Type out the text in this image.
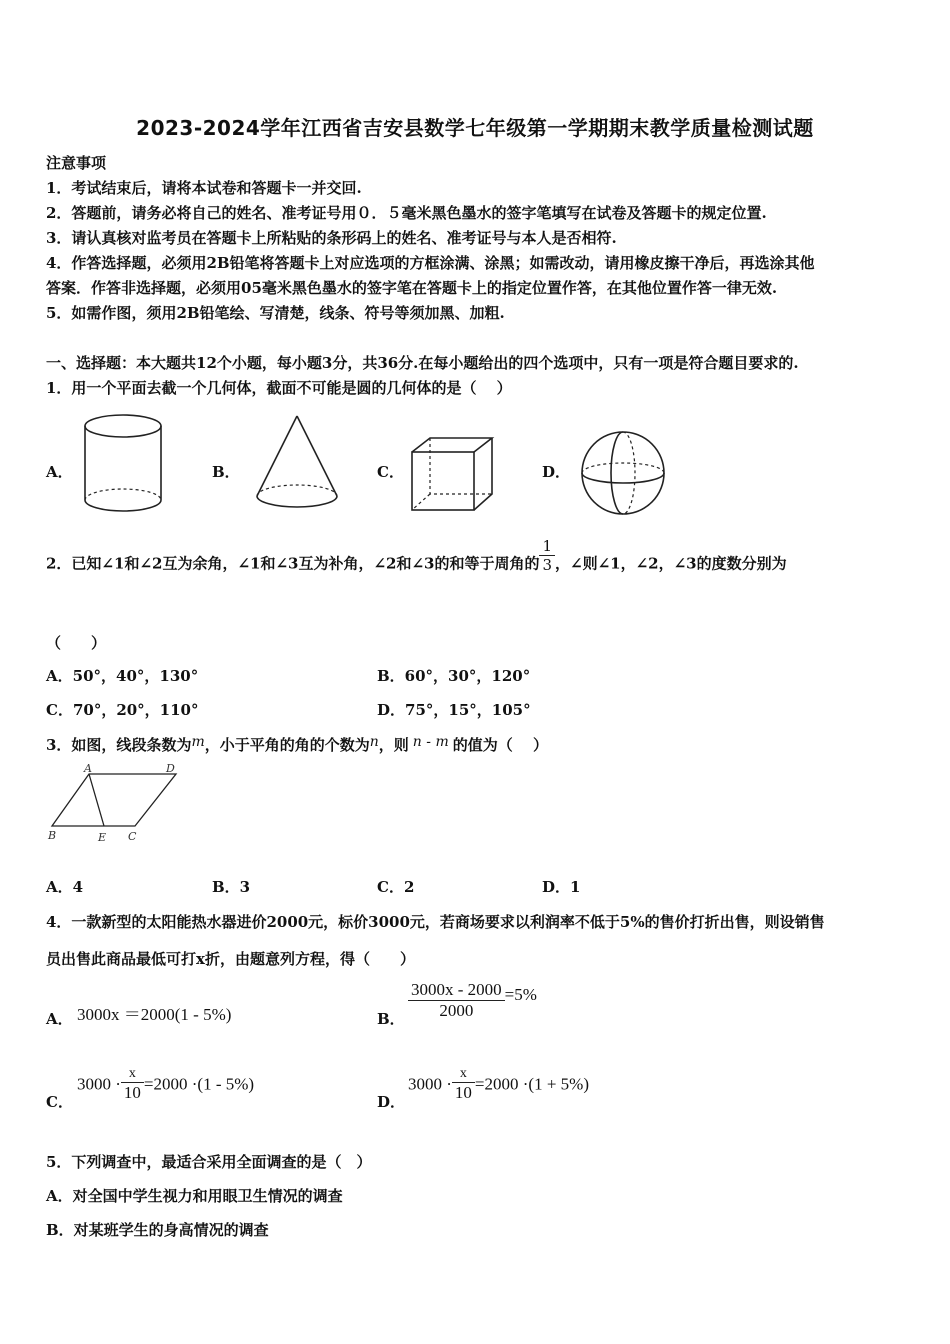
2023-2024学年江西省吉安县数学七年级第一学期期末教学质量检测试题
注意事项
1．考试结束后，请将本试卷和答题卡一并交回.
2．答题前，请务必将自己的姓名、准考证号用０．５毫米黑色墨水的签字笔填写在试卷及答题卡的规定位置.
3．请认真核对监考员在答题卡上所粘贴的条形码上的姓名、准考证号与本人是否相符.
4．作答选择题，必须用2B铅笔将答题卡上对应选项的方框涂满、涂黑；如需改动，请用橡皮擦干净后，再选涂其他
答案．作答非选择题，必须用05毫米黑色墨水的签字笔在答题卡上的指定位置作答，在其他位置作答一律无效.
5．如需作图，须用2B铅笔绘、写清楚，线条、符号等须加黑、加粗.
一、选择题：本大题共12个小题，每小题3分，共36分.在每小题给出的四个选项中，只有一项是符合题目要求的.
1．用一个平面去截一个几何体，截面不可能是圆的几何体的是（　 ）
A．	B．	C．	D．
2．已知∠1和∠2互为余角，∠1和∠3互为补角，∠2和∠3的和等于周角的 $\frac{1}{3}$ ，∠则∠1，∠2，∠3的度数分别为
（　　）
A．50°，40°，130°	B．60°，30°，120°
C．70°，20°，110°	D．75°，15°，105°
3．如图，线段条数为m，小于平角的角的个数为n，则 n - m 的值为（　 ）
A	D
B	E C
A．4	B．3	C．2	D．1
4．一款新型的太阳能热水器进价2000元，标价3000元，若商场要求以利润率不低于5%的售价打折出售，则设销售
员出售此商品最低可打x折，由题意列方程，得（　　）
A． 3000x ＝2000(1 - 5%)	B． $\frac{3000x - 2000}{2000} =5\%$
C．
$3000 \cdot \frac{x}{10} =2000 \cdot(1 - 5\%)$
D．
$3000 \cdot \frac{x}{10} =2000 \cdot(1 + 5\%)$
5．下列调查中，最适合采用全面调查的是（　）
A．对全国中学生视力和用眼卫生情况的调查
B．对某班学生的身高情况的调查
